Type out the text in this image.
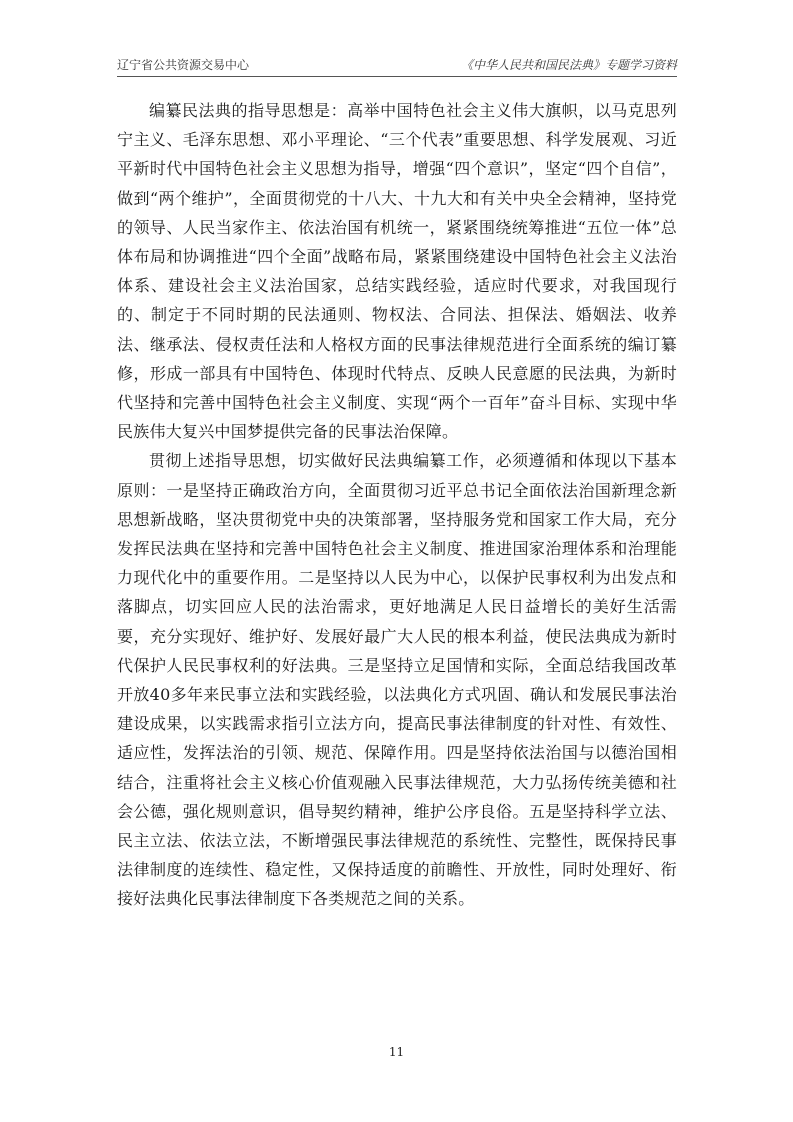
辽宁省公共资源交易中心	《中华人民共和国民法典》专题学习资料

编纂民法典的指导思想是：高举中国特色社会主义伟大旗帜，以马克思列宁主义、毛泽东思想、邓小平理论、“三个代表”重要思想、科学发展观、习近平新时代中国特色社会主义思想为指导，增强“四个意识”，坚定“四个自信”，做到“两个维护”，全面贯彻党的十八大、十九大和有关中央全会精神，坚持党的领导、人民当家作主、依法治国有机统一，紧紧围绕统筹推进“五位一体”总体布局和协调推进“四个全面”战略布局，紧紧围绕建设中国特色社会主义法治体系、建设社会主义法治国家，总结实践经验，适应时代要求，对我国现行的、制定于不同时期的民法通则、物权法、合同法、担保法、婚姻法、收养法、继承法、侵权责任法和人格权方面的民事法律规范进行全面系统的编订纂修，形成一部具有中国特色、体现时代特点、反映人民意愿的民法典，为新时代坚持和完善中国特色社会主义制度、实现“两个一百年”奋斗目标、实现中华民族伟大复兴中国梦提供完备的民事法治保障。

贯彻上述指导思想，切实做好民法典编纂工作，必须遵循和体现以下基本原则：一是坚持正确政治方向，全面贯彻习近平总书记全面依法治国新理念新思想新战略，坚决贯彻党中央的决策部署，坚持服务党和国家工作大局，充分发挥民法典在坚持和完善中国特色社会主义制度、推进国家治理体系和治理能力现代化中的重要作用。二是坚持以人民为中心，以保护民事权利为出发点和落脚点，切实回应人民的法治需求，更好地满足人民日益增长的美好生活需要，充分实现好、维护好、发展好最广大人民的根本利益，使民法典成为新时代保护人民民事权利的好法典。三是坚持立足国情和实际，全面总结我国改革开放40多年来民事立法和实践经验，以法典化方式巩固、确认和发展民事法治建设成果，以实践需求指引立法方向，提高民事法律制度的针对性、有效性、适应性，发挥法治的引领、规范、保障作用。四是坚持依法治国与以德治国相结合，注重将社会主义核心价值观融入民事法律规范，大力弘扬传统美德和社会公德，强化规则意识，倡导契约精神，维护公序良俗。五是坚持科学立法、民主立法、依法立法，不断增强民事法律规范的系统性、完整性，既保持民事法律制度的连续性、稳定性，又保持适度的前瞻性、开放性，同时处理好、衔接好法典化民事法律制度下各类规范之间的关系。

11
